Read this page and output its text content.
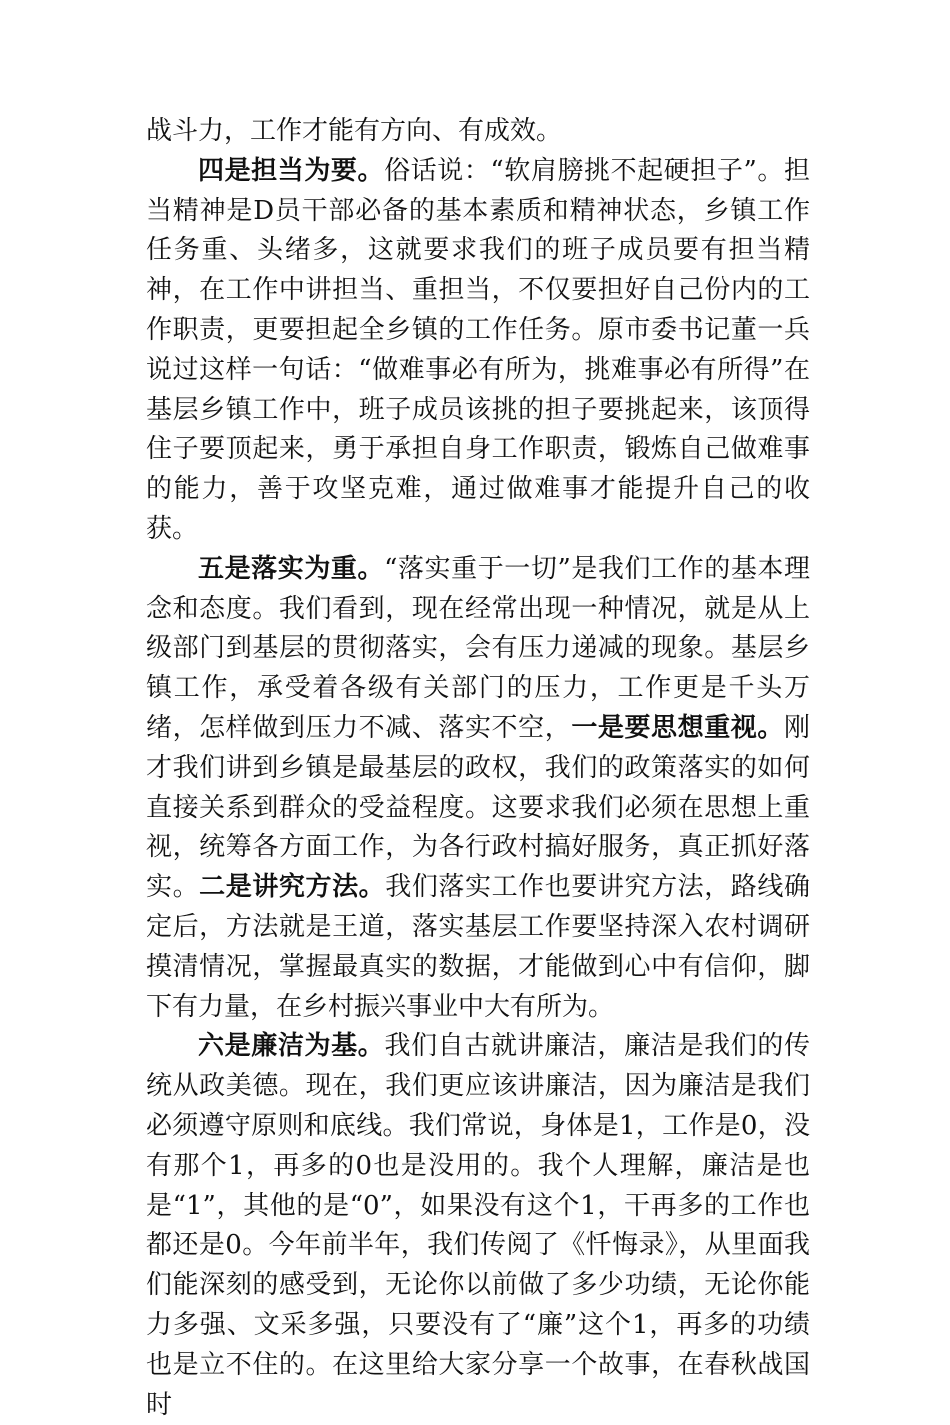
战斗力，工作才能有方向、有成效。

四是担当为要。俗话说：“软肩膀挑不起硬担子”。担当精神是D员干部必备的基本素质和精神状态，乡镇工作任务重、头绪多，这就要求我们的班子成员要有担当精神，在工作中讲担当、重担当，不仅要担好自己份内的工作职责，更要担起全乡镇的工作任务。原市委书记董一兵说过这样一句话：“做难事必有所为，挑难事必有所得”在基层乡镇工作中，班子成员该挑的担子要挑起来，该顶得住子要顶起来，勇于承担自身工作职责，锻炼自己做难事的能力，善于攻坚克难，通过做难事才能提升自己的收获。

五是落实为重。“落实重于一切”是我们工作的基本理念和态度。我们看到，现在经常出现一种情况，就是从上级部门到基层的贯彻落实，会有压力递减的现象。基层乡镇工作，承受着各级有关部门的压力，工作更是千头万绪，怎样做到压力不减、落实不空，一是要思想重视。刚才我们讲到乡镇是最基层的政权，我们的政策落实的如何直接关系到群众的受益程度。这要求我们必须在思想上重视，统筹各方面工作，为各行政村搞好服务，真正抓好落实。二是讲究方法。我们落实工作也要讲究方法，路线确定后，方法就是王道，落实基层工作要坚持深入农村调研摸清情况，掌握最真实的数据，才能做到心中有信仰，脚下有力量，在乡村振兴事业中大有所为。

六是廉洁为基。我们自古就讲廉洁，廉洁是我们的传统从政美德。现在，我们更应该讲廉洁，因为廉洁是我们必须遵守原则和底线。我们常说，身体是1，工作是0，没有那个1，再多的0也是没用的。我个人理解，廉洁是也是“1”，其他的是“0”，如果没有这个1，干再多的工作也都还是0。今年前半年，我们传阅了《忏悔录》，从里面我们能深刻的感受到，无论你以前做了多少功绩，无论你能力多强、文采多强，只要没有了“廉”这个1，再多的功绩也是立不住的。在这里给大家分享一个故事，在春秋战国时
